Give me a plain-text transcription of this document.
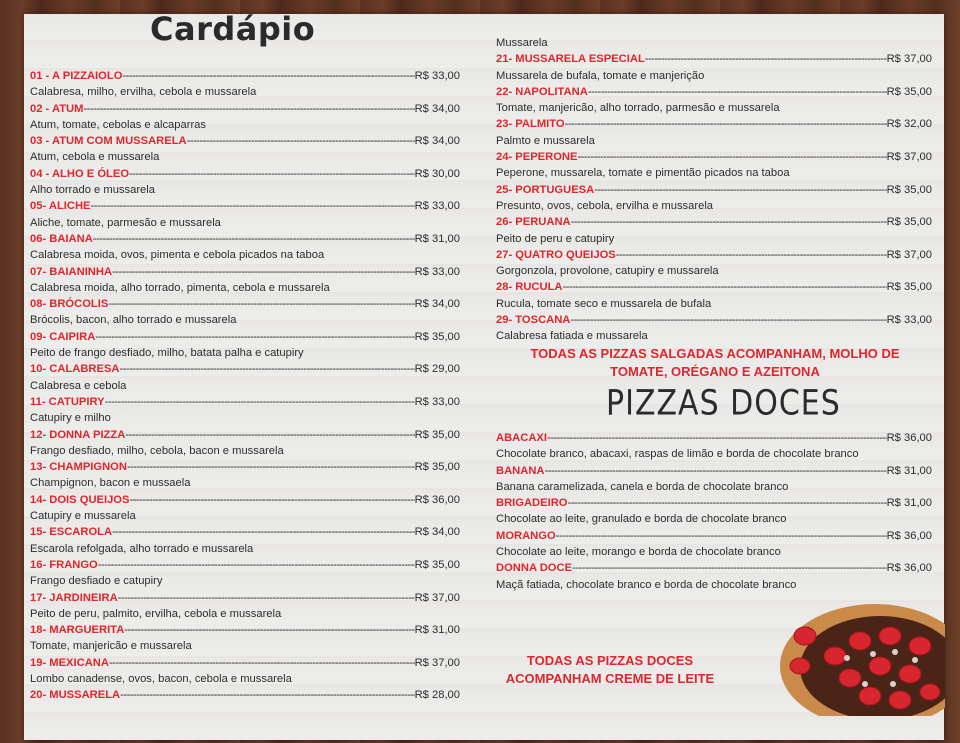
Cardápio
01 - A PIZZAIOLO -----	R$ 33,00
Calabresa, milho, ervilha, cebola e mussarela
02 - ATUM -----	R$ 34,00
Atum, tomate, cebolas e alcaparras
03 - ATUM COM MUSSARELA -----	R$ 34,00
Atum, cebola e mussarela
04 - ALHO E ÓLEO -----	R$ 30,00
Alho torrado e mussarela
05- ALICHE -----	R$ 33,00
Aliche, tomate, parmesão e mussarela
06- BAIANA -----	R$ 31,00
Calabresa moida, ovos, pimenta e cebola picados na taboa
07- BAIANINHA -----	R$ 33,00
Calabresa moida, alho torrado, pimenta, cebola e mussarela
08- BRÓCOLIS -----	R$ 34,00
Brócolis, bacon, alho torrado e mussarela
09- CAIPIRA -----	R$ 35,00
Peito de frango desfiado, milho, batata palha e catupiry
10- CALABRESA -----	R$ 29,00
Calabresa e cebola
11- CATUPIRY -----	R$ 33,00
Catupiry e milho
12- DONNA PIZZA -----	R$ 35,00
Frango desfiado, milho, cebola, bacon e mussarela
13- CHAMPIGNON -----	R$ 35,00
Champignon, bacon e mussaela
14- DOIS QUEIJOS -----	R$ 36,00
Catupiry e mussarela
15- ESCAROLA -----	R$ 34,00
Escarola refolgada, alho torrado e mussarela
16- FRANGO -----	R$ 35,00
Frango desfiado e catupiry
17- JARDINEIRA -----	R$ 37,00
Peito de peru, palmito, ervilha, cebola e mussarela
18- MARGUERITA -----	R$ 31,00
Tomate, manjericão e mussarela
19- MEXICANA -----	R$ 37,00
Lombo canadense, ovos, bacon, cebola e mussarela
20- MUSSARELA -----	R$ 28,00
Mussarela
21- MUSSARELA ESPECIAL -----	R$ 37,00
Mussarela de bufala, tomate e manjerição
22- NAPOLITANA -----	R$ 35,00
Tomate, manjericão, alho torrado, parmesão e mussarela
23- PALMITO -----	R$ 32,00
Palmto e mussarela
24- PEPERONE -----	R$ 37,00
Peperone, mussarela, tomate e pimentão picados na taboa
25- PORTUGUESA -----	R$ 35,00
Presunto, ovos, cebola, ervilha e mussarela
26- PERUANA -----	R$ 35,00
Peito de peru e catupiry
27- QUATRO QUEIJOS -----	R$ 37,00
Gorgonzola, provolone, catupiry e mussarela
28- RUCULA -----	R$ 35,00
Rucula, tomate seco e mussarela de bufala
29- TOSCANA -----	R$ 33,00
Calabresa fatiada e mussarela
TODAS AS PIZZAS SALGADAS ACOMPANHAM, MOLHO DE TOMATE, ORÉGANO E AZEITONA
PIZZAS DOCES
ABACAXI -----	R$ 36,00
Chocolate branco, abacaxi, raspas de limão e borda de chocolate branco
BANANA -----	R$ 31,00
Banana caramelizada, canela e borda de chocolate branco
BRIGADEIRO -----	R$ 31,00
Chocolate ao leite, granulado e borda de chocolate branco
MORANGO -----	R$ 36,00
Chocolate ao leite, morango e borda de chocolate branco
DONNA DOCE -----	R$ 36,00
Maçã fatiada, chocolate branco e borda de chocolate branco
TODAS AS PIZZAS DOCES ACOMPANHAM CREME DE LEITE
